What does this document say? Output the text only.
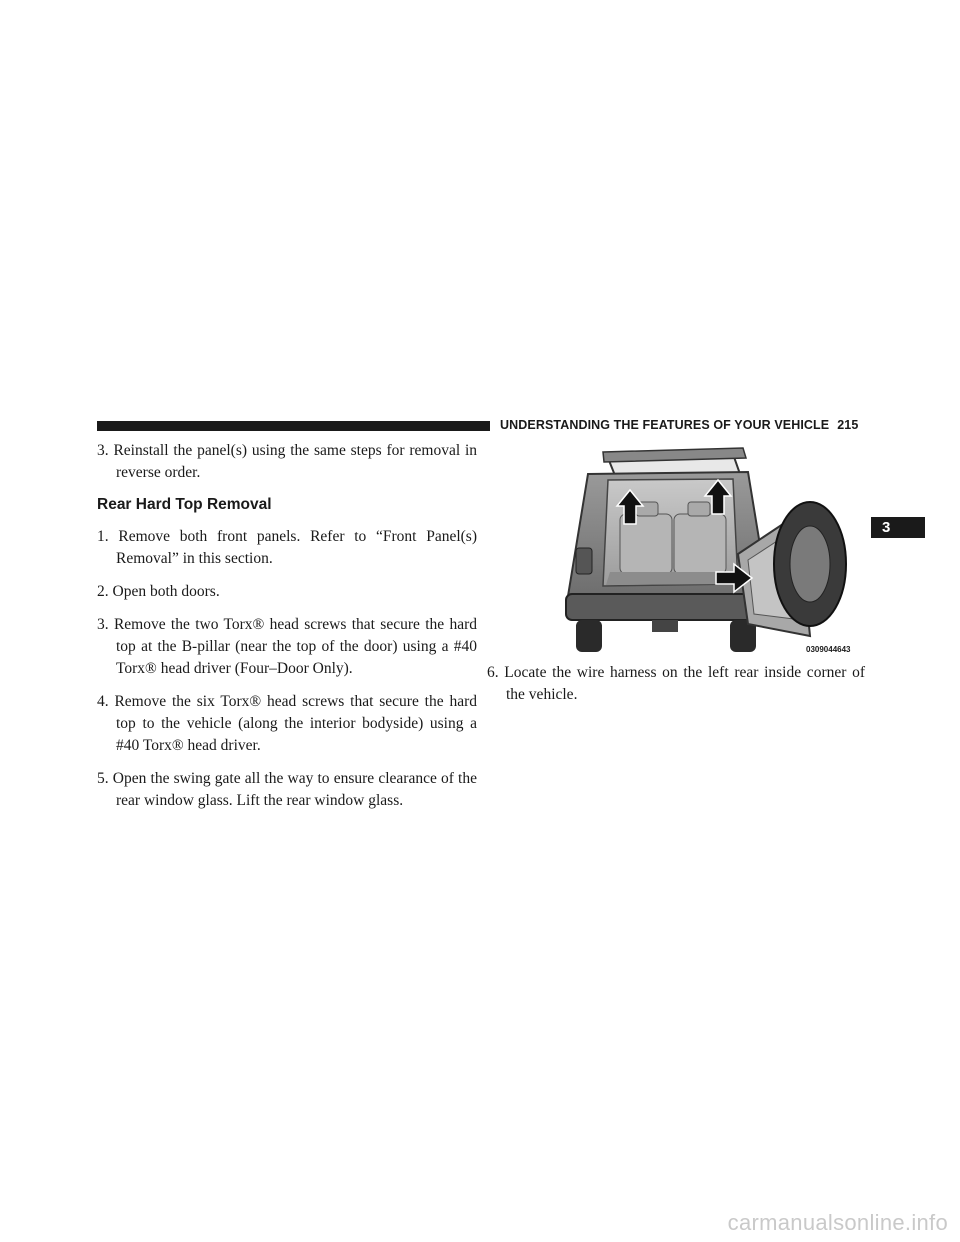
UNDERSTANDING THE FEATURES OF YOUR VEHICLE 215
3

3. Reinstall the panel(s) using the same steps for removal in reverse order.

Rear Hard Top Removal

1. Remove both front panels. Refer to “Front Panel(s) Removal” in this section.

2. Open both doors.

3. Remove the two Torx® head screws that secure the hard top at the B-pillar (near the top of the door) using a #40 Torx® head driver (Four–Door Only).

4. Remove the six Torx® head screws that secure the hard top to the vehicle (along the interior bodyside) using a #40 Torx® head driver.

5. Open the swing gate all the way to ensure clearance of the rear window glass. Lift the rear window glass.

0309044643

6. Locate the wire harness on the left rear inside corner of the vehicle.

carmanualsonline.info
